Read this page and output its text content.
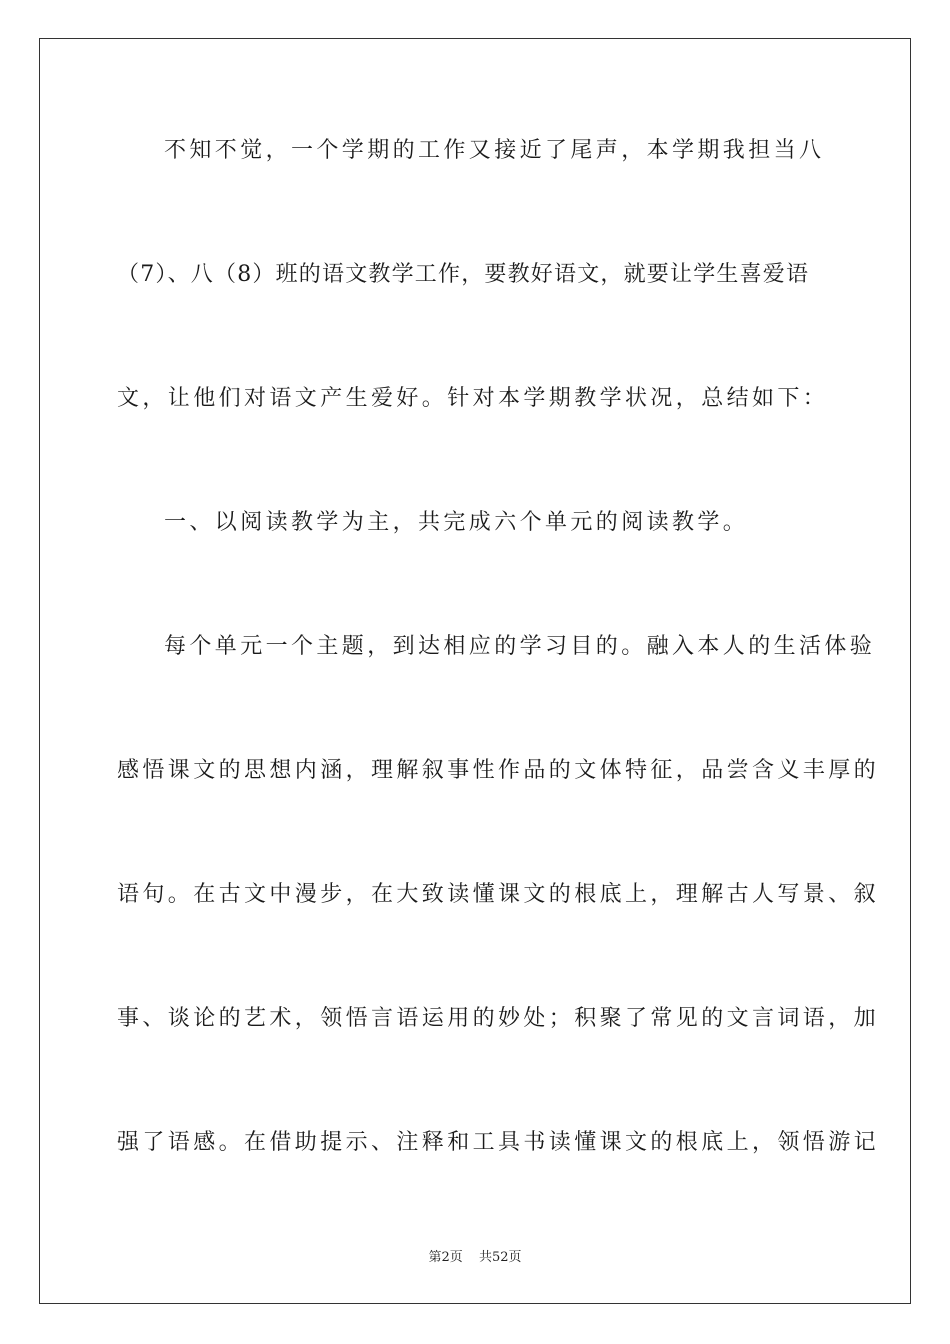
不知不觉，一个学期的工作又接近了尾声，本学期我担当八
（7）、八（8）班的语文教学工作，要教好语文，就要让学生喜爱语
文，让他们对语文产生爱好。针对本学期教学状况，总结如下：
一、以阅读教学为主，共完成六个单元的阅读教学。
每个单元一个主题，到达相应的学习目的。融入本人的生活体验
感悟课文的思想内涵，理解叙事性作品的文体特征，品尝含义丰厚的
语句。在古文中漫步，在大致读懂课文的根底上，理解古人写景、叙
事、谈论的艺术，领悟言语运用的妙处；积聚了常见的文言词语，加
强了语感。在借助提示、注释和工具书读懂课文的根底上，领悟游记
第2页 共52页
